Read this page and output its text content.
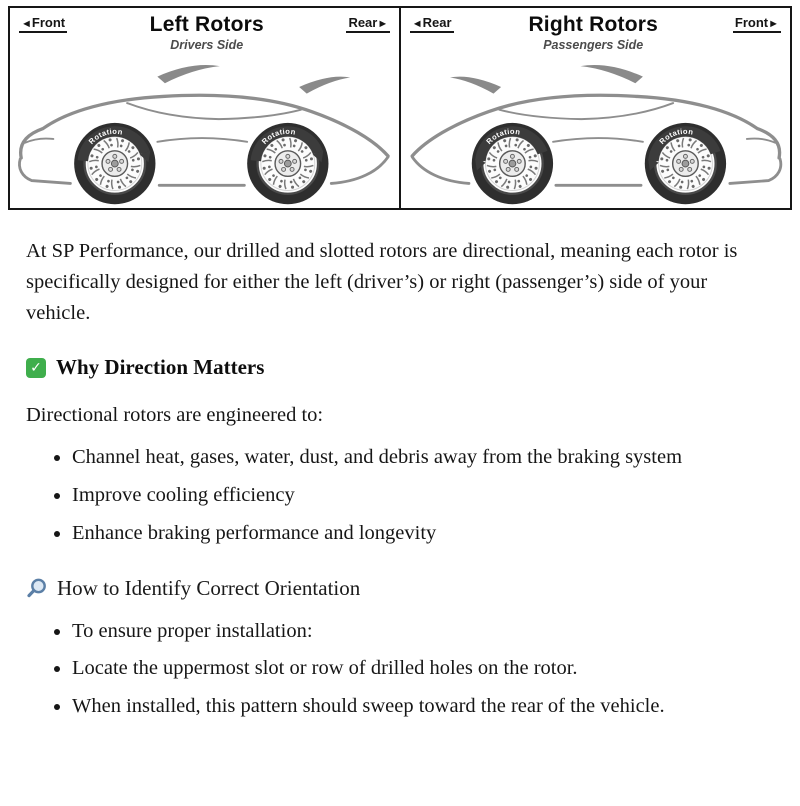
◄Front	Left Rotors
Drivers Side
Rear►
Rotation
Rotation
◄Rear	Right Rotors
Passengers Side
Front►
Rotation
Rotation

At SP Performance, our drilled and slotted rotors are directional, meaning each rotor is specifically designed for either the left (driver’s) or right (passenger’s) side of your vehicle.

✓ Why Direction Matters

Directional rotors are engineered to:

• Channel heat, gases, water, dust, and debris away from the braking system
• Improve cooling efficiency
• Enhance braking performance and longevity
How to Identify Correct Orientation
• To ensure proper installation:
• Locate the uppermost slot or row of drilled holes on the rotor.
• When installed, this pattern should sweep toward the rear of the vehicle.
